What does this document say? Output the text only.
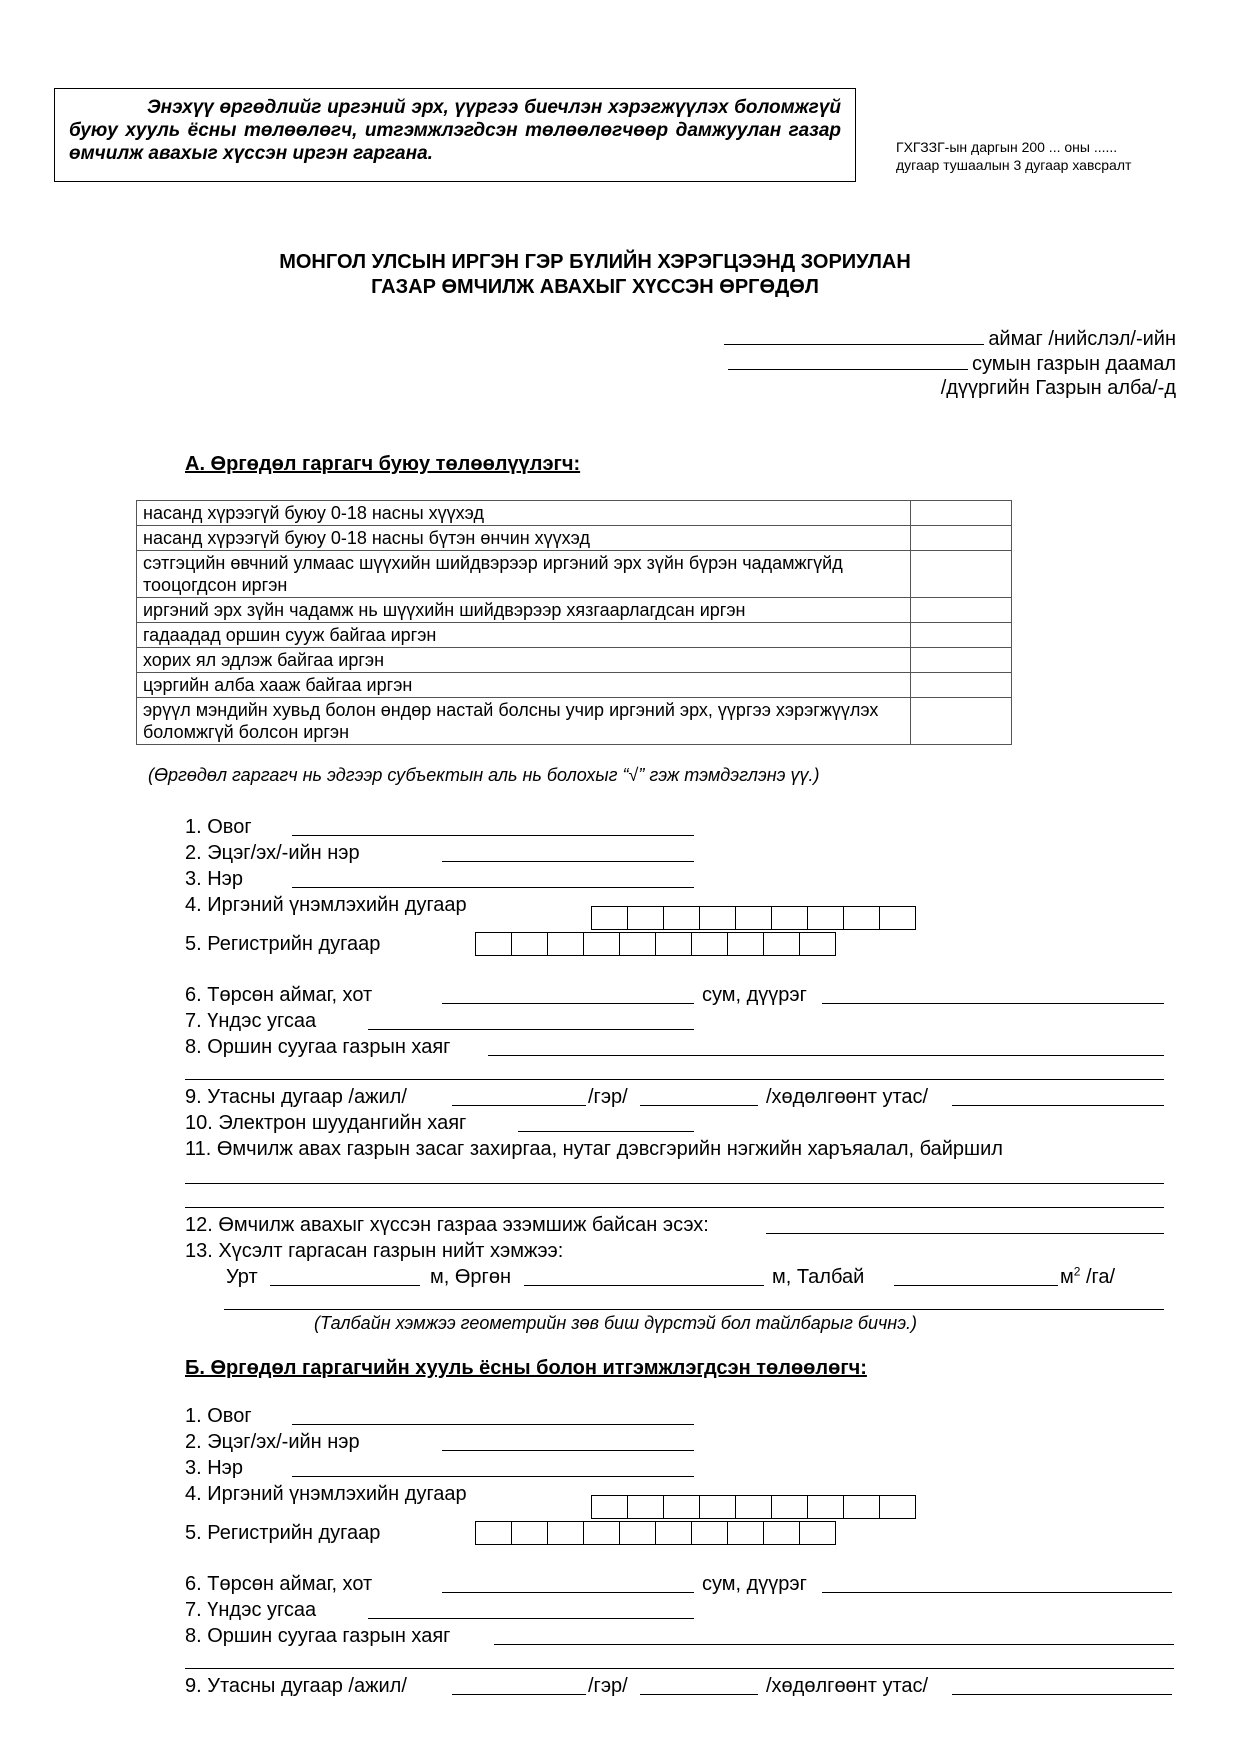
Энэхүү өргөдлийг иргэний эрх, үүргээ биечлэн хэрэгжүүлэх боломжгүй буюу хууль ёсны төлөөлөгч, итгэмжлэгдсэн төлөөлөгчөөр дамжуулан газар өмчилж авахыг хүссэн иргэн гаргана.	ГХГЗЗГ-ын даргын 200 ... оны ......
дугаар тушаалын 3 дугаар хавсралт
МОНГОЛ УЛСЫН ИРГЭН ГЭР БҮЛИЙН ХЭРЭГЦЭЭНД ЗОРИУЛАН
ГАЗАР ӨМЧИЛЖ АВАХЫГ ХҮССЭН ӨРГӨДӨЛ
аймаг /нийслэл/-ийн
сумын газрын даамал
/дүүргийн Газрын алба/-д
А. Өргөдөл гаргагч буюу төлөөлүүлэгч:
насанд хүрээгүй буюу 0-18 насны хүүхэд	
насанд хүрээгүй буюу 0-18 насны бүтэн өнчин хүүхэд	
сэтгэцийн өвчний улмаас шүүхийн шийдвэрээр иргэний эрх зүйн бүрэн чадамжгүйд тооцогдсон иргэн	
иргэний эрх зүйн чадамж нь шүүхийн шийдвэрээр хязгаарлагдсан иргэн	
гадаадад оршин сууж байгаа иргэн	
хорих ял эдлэж байгаа иргэн	
цэргийн алба хааж байгаа иргэн	
эрүүл мэндийн хувьд болон өндөр настай болсны учир иргэний эрх, үүргээ хэрэгжүүлэх боломжгүй болсон иргэн	
(Өргөдөл гаргагч нь эдгээр субъектын аль нь болохыг “√” гэж тэмдэглэнэ үү.)
1. Овог
2. Эцэг/эх/-ийн нэр
3. Нэр
4. Иргэний үнэмлэхийн дугаар
5. Регистрийн дугаар
6. Төрсөн аймаг, хот	сум, дүүрэг
7. Үндэс угсаа
8. Оршин суугаа газрын хаяг
9. Утасны дугаар /ажил/	/гэр/	/хөдөлгөөнт утас/
10. Электрон шуудангийн хаяг
11. Өмчилж авах газрын засаг захиргаа, нутаг дэвсгэрийн нэгжийн харъяалал, байршил
12. Өмчилж авахыг хүссэн газраа эзэмшиж байсан эсэх:
13. Хүсэлт гаргасан газрын нийт хэмжээ:
Урт	м, Өргөн	м, Талбай	$м^2$ /га/
(Талбайн хэмжээ геометрийн зөв биш дүрстэй бол тайлбарыг бичнэ.)
Б. Өргөдөл гаргагчийн хууль ёсны болон итгэмжлэгдсэн төлөөлөгч:
1. Овог
2. Эцэг/эх/-ийн нэр
3. Нэр
4. Иргэний үнэмлэхийн дугаар
5. Регистрийн дугаар
6. Төрсөн аймаг, хот	сум, дүүрэг
7. Үндэс угсаа
8. Оршин суугаа газрын хаяг
9. Утасны дугаар /ажил/	/гэр/	/хөдөлгөөнт утас/
